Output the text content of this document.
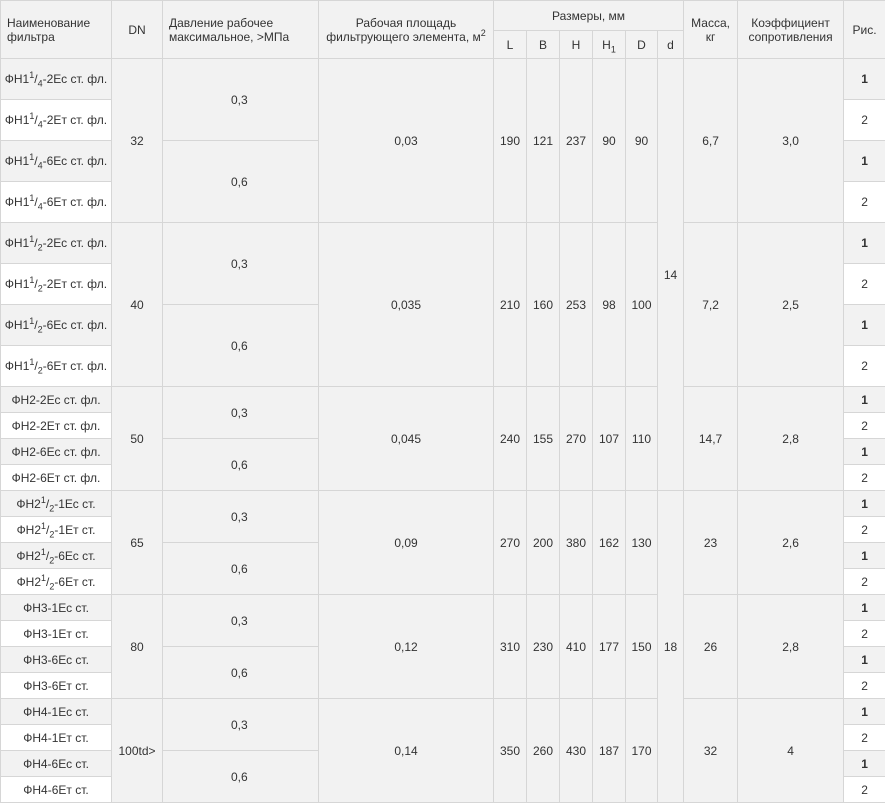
Наименование фильтра	DN	Давление рабочее максимальное, >МПа	Рабочая площадь фильтрующего элемента, $м^2$	Размеры, мм						Масса, кг	Коэффициент сопротивления	Рис.
				L	B	H	$H_1$	D	d			
$ФН1^1/_4-2Ес$ ст. фл.	32	0,3	0,03	190	121	237	90	90	14	6,7	3,0	1
$ФН1^1/_4-2Ет$ ст. фл.												2
$ФН1^1/_4-6Ес$ ст. фл.		0,6										1
$ФН1^1/_4-6Ет$ ст. фл.												2
$ФН1^1/_2-2Ес$ ст. фл.	40	0,3	0,035	210	160	253	98	100		7,2	2,5	1
$ФН1^1/_2-2Ет$ ст. фл.												2
$ФН1^1/_2-6Ес$ ст. фл.		0,6										1
$ФН1^1/_2-6Ет$ ст. фл.												2
ФН2-2Ес ст. фл.	50	0,3	0,045	240	155	270	107	110		14,7	2,8	1
ФН2-2Ет ст. фл.												2
ФН2-6Ес ст. фл.		0,6										1
ФН2-6Ет ст. фл.												2
$ФН2^1/_2-1Ес$ ст.	65	0,3	0,09	270	200	380	162	130	18	23	2,6	1
$ФН2^1/_2-1Ет$ ст.												2
$ФН2^1/_2-6Ес$ ст.		0,6										1
$ФН2^1/_2-6Ет$ ст.												2
ФН3-1Ес ст.	80	0,3	0,12	310	230	410	177	150		26	2,8	1
ФН3-1Ет ст.												2
ФН3-6Ес ст.		0,6										1
ФН3-6Ет ст.												2
ФН4-1Ес ст.	100td>	0,3	0,14	350	260	430	187	170		32	4	1
ФН4-1Ет ст.												2
ФН4-6Ес ст.		0,6										1
ФН4-6Ет ст.												2
